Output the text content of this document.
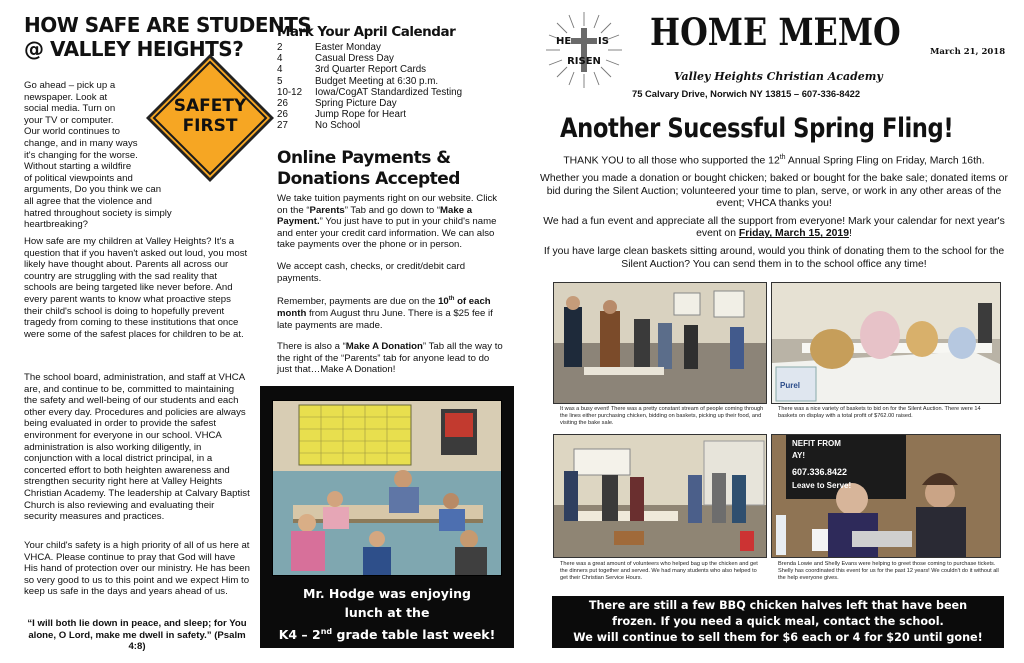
HOW SAFE ARE STUDENTS
@ VALLEY HEIGHTS?
SAFETY
FIRST
Go ahead – pick up a
newspaper. Look at
social media. Turn on
your TV or computer.
Our world continues to
change, and in many ways
it's changing for the worse.
Without starting a wildfire
of political viewpoints and
arguments, Do you think we can
all agree that the violence and
hatred throughout society is simply
heartbreaking?

How safe are my children at Valley Heights? It's a question that if you haven't asked out loud, you most likely have thought about. Parents all across our country are struggling with the sad reality that schools are being targeted like never before. And every parent wants to know what proactive steps their child's school is doing to hopefully prevent tragedy from coming to these institutions that once were some of the safest places for children to be at.

The school board, administration, and staff at VHCA are, and continue to be, committed to maintaining the safety and well-being of our students and each other every day. Procedures and policies are always being evaluated in order to provide the safest environment for everyone in our school. VHCA administration is also working diligently, in conjunction with a local district principal, in a concerted effort to both heighten awareness and strengthen security right here at Valley Heights Christian Academy. The leadership at Calvary Baptist Church is also reviewing and evaluating their security measures and practices.

Your child's safety is a high priority of all of us here at VHCA. Please continue to pray that God will have His hand of protection over our ministry. He has been so very good to us to this point and we expect Him to keep us safe in the days and years ahead of us.

“I will both lie down in peace, and sleep; for You alone, O Lord, make me dwell in safety.” (Psalm 4:8)

Mark Your April Calendar
2	Easter Monday
4	Casual Dress Day
4	3rd Quarter Report Cards
5	Budget Meeting at 6:30 p.m.
10-12	Iowa/CogAT Standardized Testing
26	Spring Picture Day
26	Jump Rope for Heart
27	No School
Online Payments &
Donations Accepted

We take tuition payments right on our website. Click on the “Parents” Tab and go down to “Make a Payment.” You just have to put in your child's name and enter your credit card information. We can also take payments over the phone or in person.

We accept cash, checks, or credit/debit card payments.

Remember, payments are due on the 10th of each month from August thru June. There is a $25 fee if late payments are made.

There is also a “Make A Donation” Tab all the way to the right of the “Parents” tab for anyone lead to do just that…Make A Donation!

Mr. Hodge was enjoying
lunch at the
K4 – 2nd grade table last week!
HE	IS
RISEN
HOME MEMO	March 21, 2018
Valley Heights Christian Academy
75 Calvary Drive, Norwich NY 13815 – 607-336-8422
Another Sucessful Spring Fling!

THANK YOU to all those who supported the 12th Annual Spring Fling on Friday, March 16th.

Whether you made a donation or bought chicken; baked or bought for the bake sale; donated items or bid during the Silent Auction; volunteered your time to plan, serve, or work in any other areas of the event; VHCA thanks you!

We had a fun event and appreciate all the support from everyone! Mark your calendar for next year's event on Friday, March 15, 2019!

If you have large clean baskets sitting around, would you think of donating them to the school for the Silent Auction? You can send them in to the school office any time!

It was a busy event! There was a pretty constant stream of people coming through the lines either purchasing chicken, bidding on baskets, picking up their food, and visiting the bake sale.
Purel
There was a nice variety of baskets to bid on for the Silent Auction. There were 14 baskets on display with a total profit of $762.00 raised.
There was a great amount of volunteers who helped bag up the chicken and get the dinners put together and served. We had many students who also helped to get their Christian Service Hours.
NEFIT FROM
AY!
607.336.8422
Leave to Serve!
Brenda Lowie and Shelly Evans were helping to greet those coming to purchase tickets. Shelly has coordinated this event for us for the past 12 years! We couldn't do it without all the help everyone gives.
There are still a few BBQ chicken halves left that have been
frozen. If you need a quick meal, contact the school.
We will continue to sell them for $6 each or 4 for $20 until gone!
